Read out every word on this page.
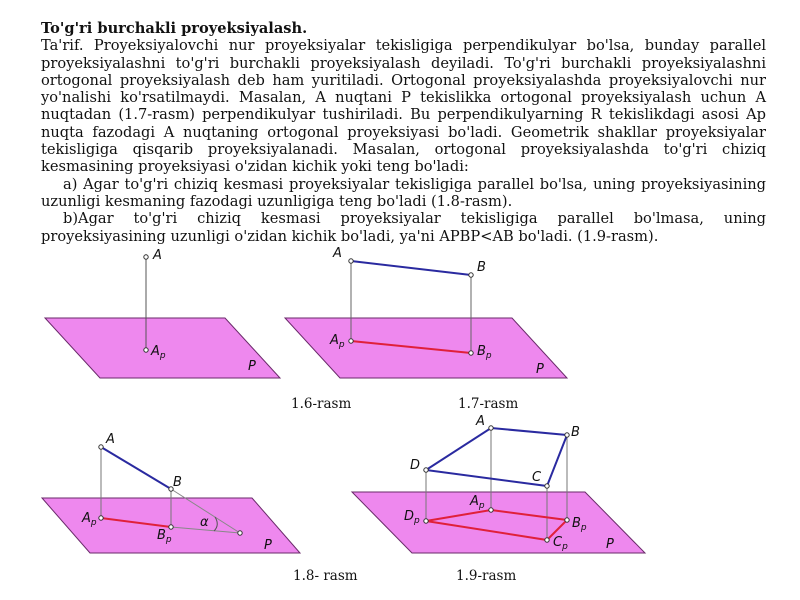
To'g'ri burchakli proyeksiyalash.
Ta'rif. Proyeksiyalovchi nur proyeksiyalar tekisligiga perpendikulyar bo'lsa, bunday parallel proyeksiyalashni to'g'ri burchakli proyeksiyalash deyiladi. To'g'ri burchakli proyeksiyalashni ortogonal proyeksiyalash deb ham yuritiladi. Ortogonal proyeksiyalashda proyeksiyalovchi nur yo'nalishi ko'rsatilmaydi. Masalan, A nuqtani P tekislikka ortogonal proyeksiyalash uchun A nuqtadan (1.7-rasm) perpendikulyar tushiriladi. Bu perpendikulyarning R tekislikdagi asosi Ap nuqta fazodagi A nuqtaning ortogonal proyeksiyasi bo'ladi. Geometrik shakllar proyeksiyalar tekisligiga qisqarib proyeksiyalanadi. Masalan, ortogonal proyeksiyalashda to'g'ri chiziq kesmasining proyeksiyasi o'zidan kichik yoki teng bo'ladi:
a) Agar to'g'ri chiziq kesmasi proyeksiyalar tekisligiga parallel bo'lsa, uning proyeksiyasining uzunligi kesmaning fazodagi uzunligiga teng bo'ladi (1.8-rasm).
b)Agar to'g'ri chiziq kesmasi proyeksiyalar tekisligiga parallel bo'lmasa, uning proyeksiyasining uzunligi o'zidan kichik bo'ladi, ya'ni APBP<AB bo'ladi. (1.9-rasm).
A
$A_p$
P
A
B
$A_p$	$B_p$
P
A
B
$A_p$
$B_p$
α
P
A
B
C
D
$A_p$
$B_p$
$C_p$
$D_p$
P
1.6-rasm	1.7-rasm
1.8- rasm	1.9-rasm
